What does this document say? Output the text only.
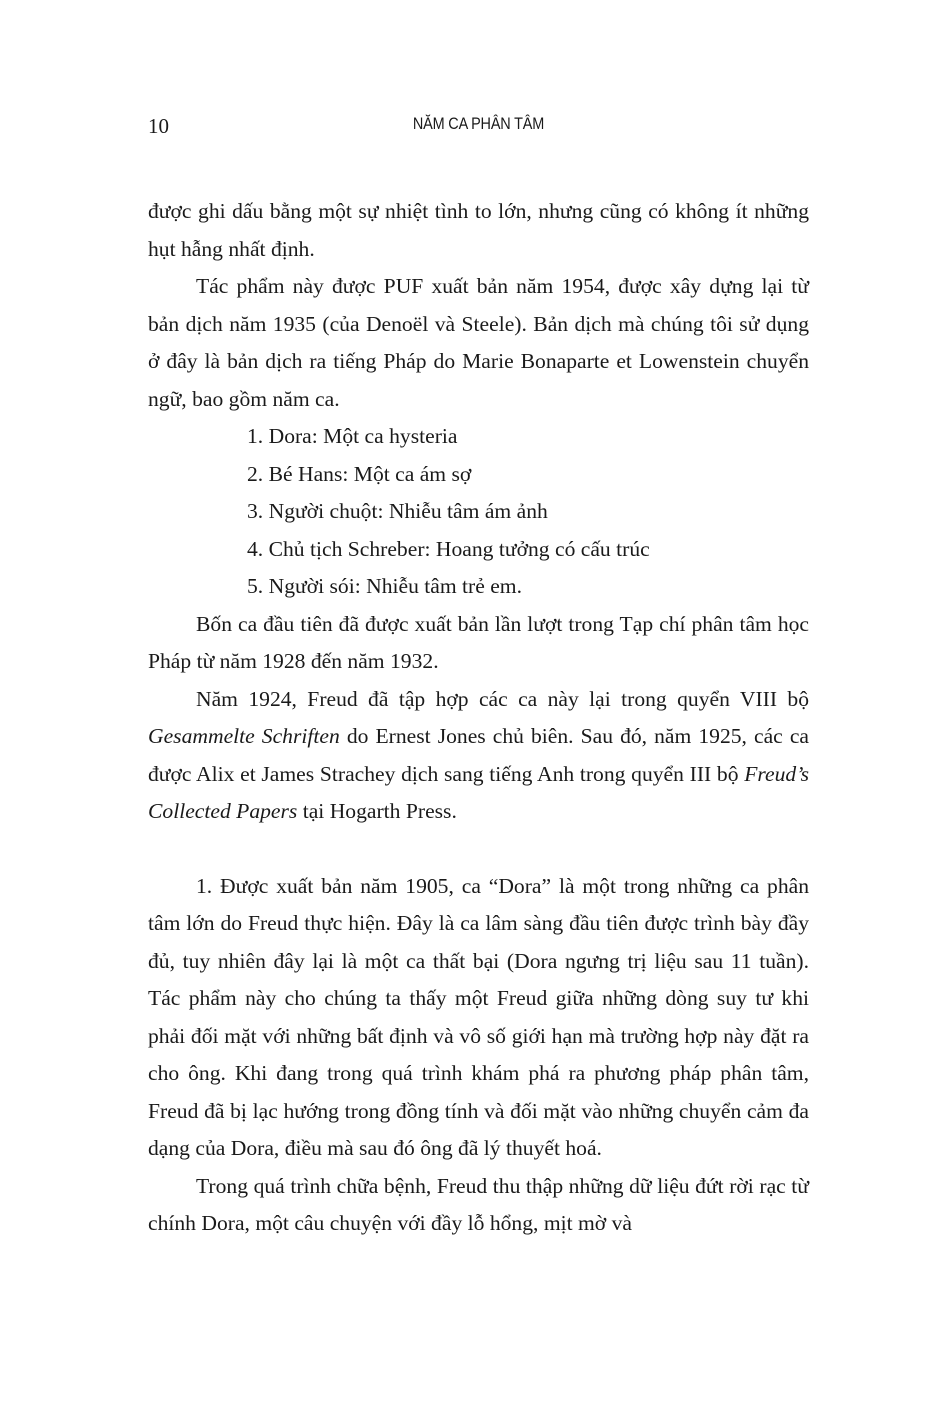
10	NĂM CA PHÂN TÂM

được ghi dấu bằng một sự nhiệt tình to lớn, nhưng cũng có không ít những hụt hẫng nhất định.

Tác phẩm này được PUF xuất bản năm 1954, được xây dựng lại từ bản dịch năm 1935 (của Denoël và Steele). Bản dịch mà chúng tôi sử dụng ở đây là bản dịch ra tiếng Pháp do Marie Bonaparte et Lowenstein chuyển ngữ, bao gồm năm ca.

1. Dora: Một ca hysteria
2. Bé Hans: Một ca ám sợ
3. Người chuột: Nhiễu tâm ám ảnh
4. Chủ tịch Schreber: Hoang tưởng có cấu trúc
5. Người sói: Nhiễu tâm trẻ em.

Bốn ca đầu tiên đã được xuất bản lần lượt trong Tạp chí phân tâm học Pháp từ năm 1928 đến năm 1932.

Năm 1924, Freud đã tập hợp các ca này lại trong quyển VIII bộ Gesammelte Schriften do Ernest Jones chủ biên. Sau đó, năm 1925, các ca được Alix et James Strachey dịch sang tiếng Anh trong quyển III bộ Freud’s Collected Papers tại Hogarth Press.

1. Được xuất bản năm 1905, ca “Dora” là một trong những ca phân tâm lớn do Freud thực hiện. Đây là ca lâm sàng đầu tiên được trình bày đầy đủ, tuy nhiên đây lại là một ca thất bại (Dora ngưng trị liệu sau 11 tuần). Tác phẩm này cho chúng ta thấy một Freud giữa những dòng suy tư khi phải đối mặt với những bất định và vô số giới hạn mà trường hợp này đặt ra cho ông. Khi đang trong quá trình khám phá ra phương pháp phân tâm, Freud đã bị lạc hướng trong đồng tính và đối mặt vào những chuyển cảm đa dạng của Dora, điều mà sau đó ông đã lý thuyết hoá.

Trong quá trình chữa bệnh, Freud thu thập những dữ liệu đứt rời rạc từ chính Dora, một câu chuyện với đầy lỗ hổng, mịt mờ và
